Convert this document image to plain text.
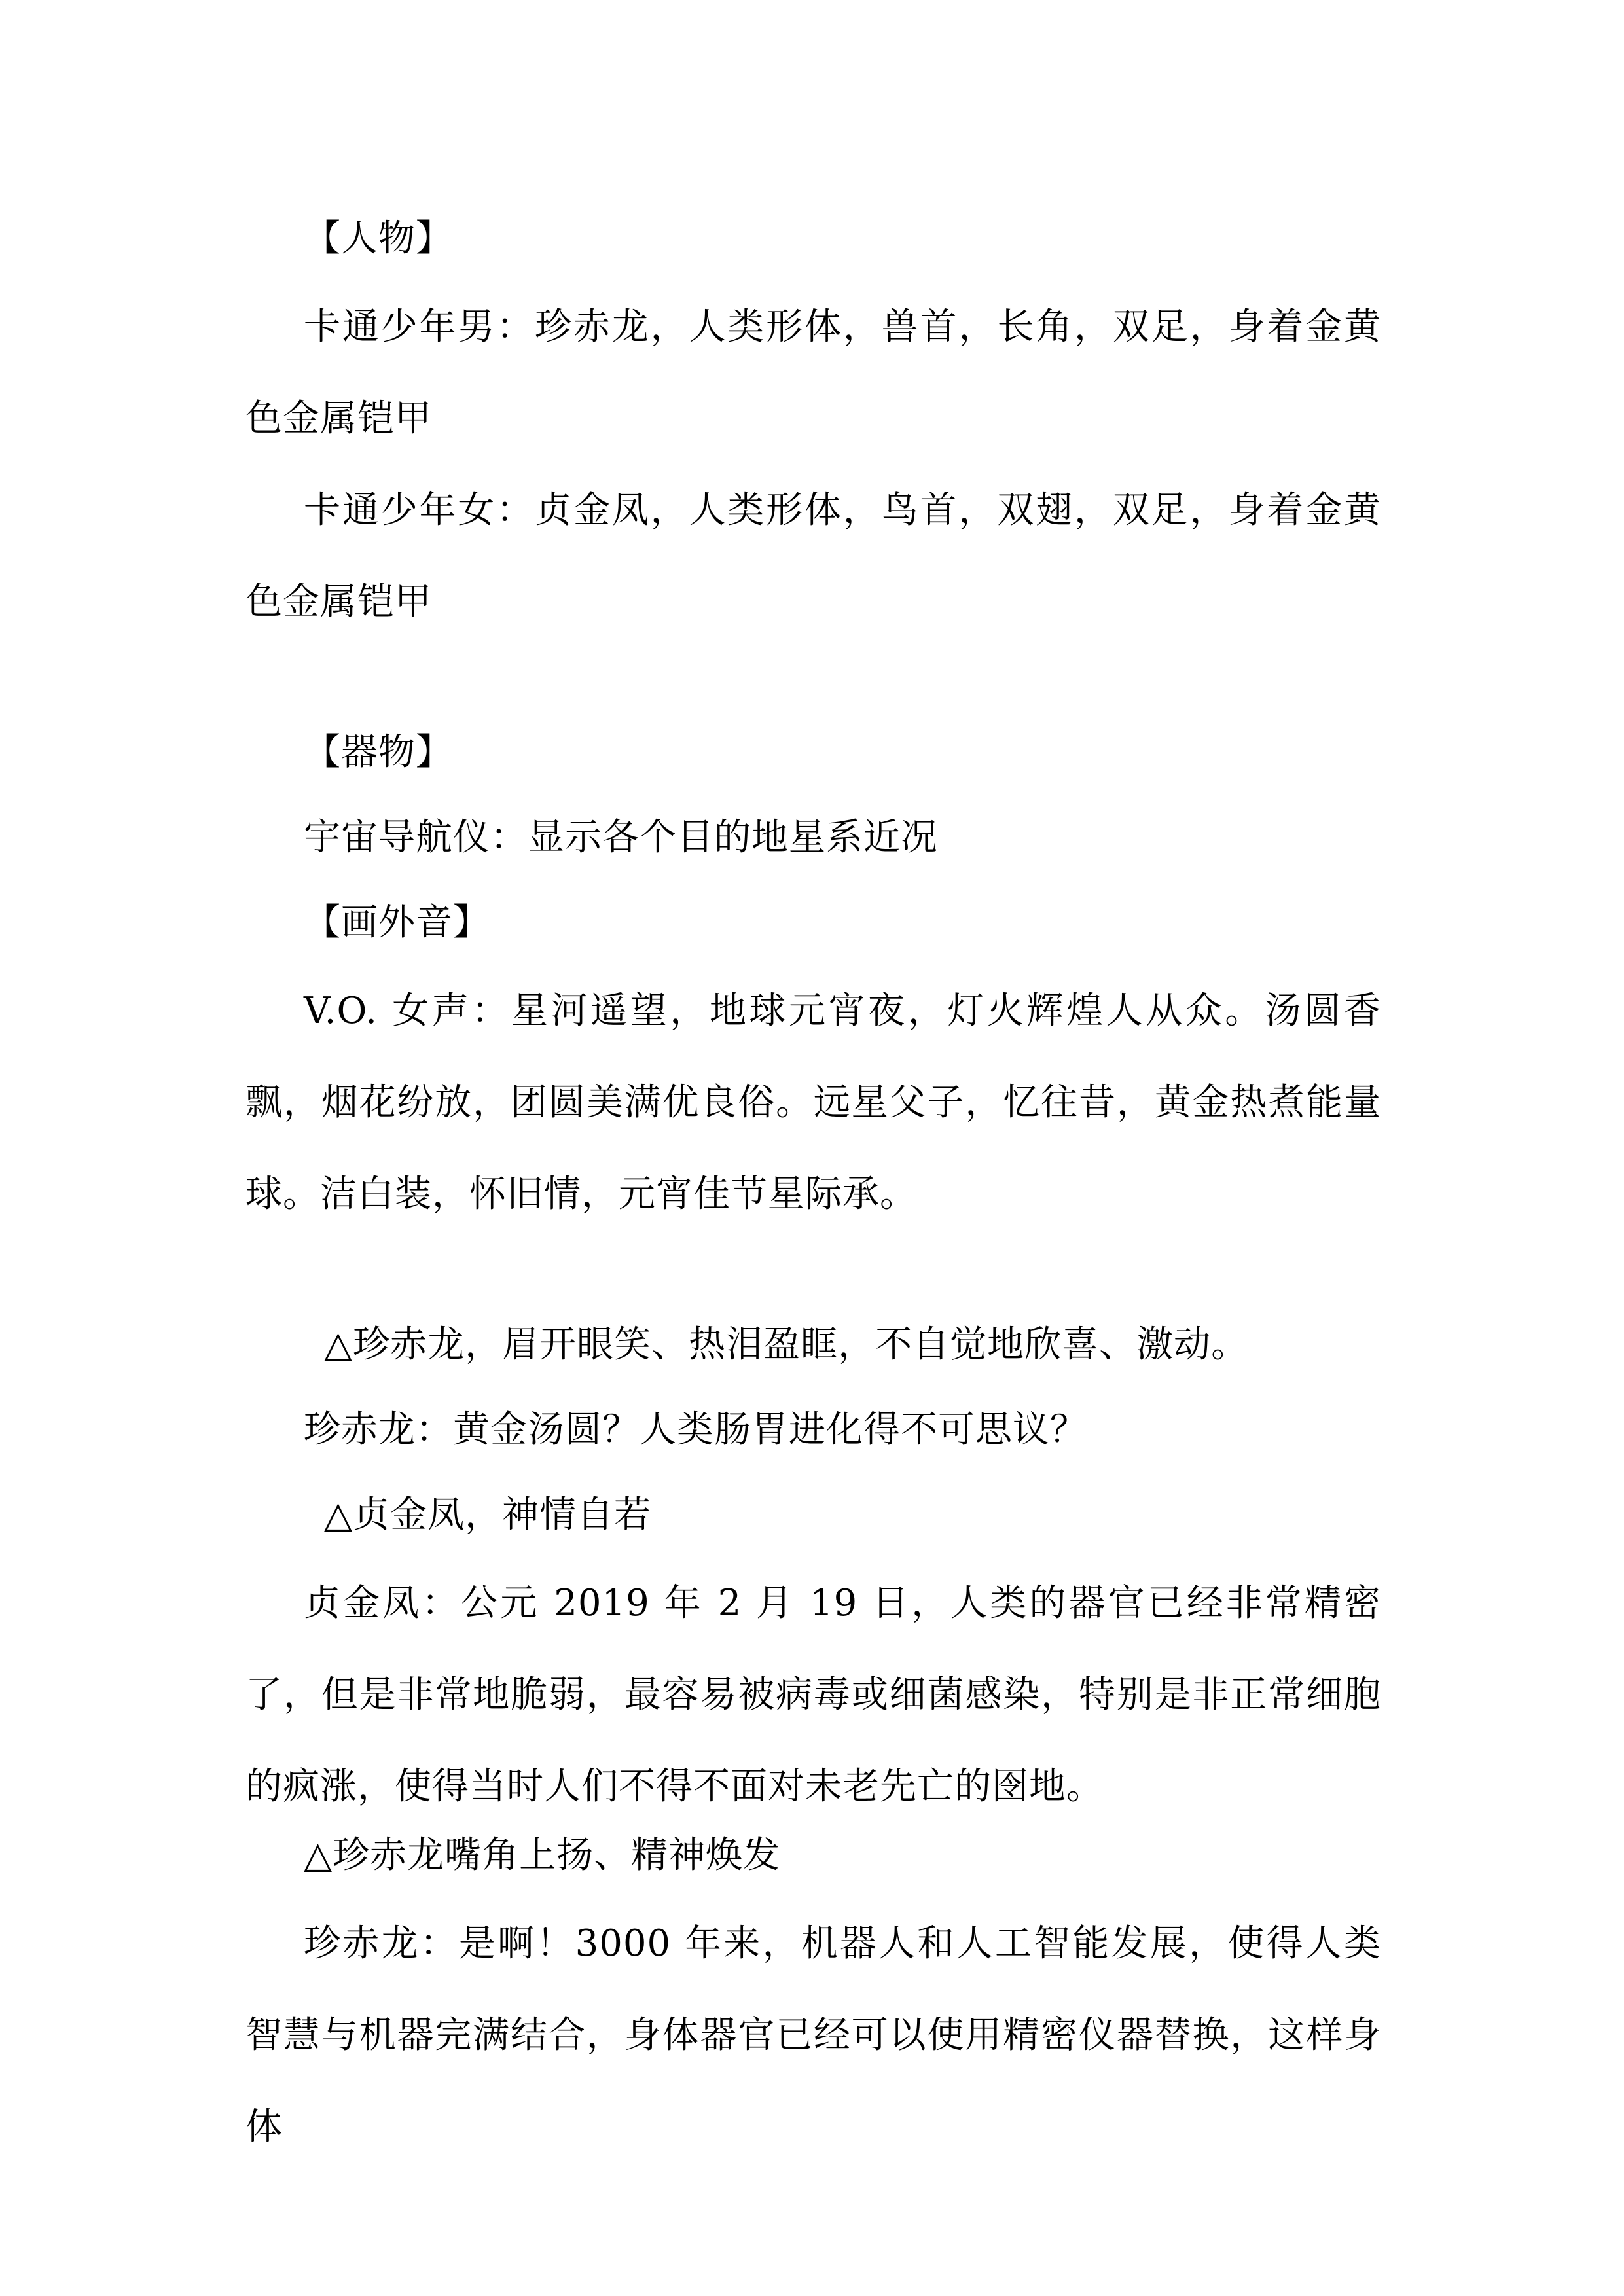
【人物】
卡通少年男：珍赤龙，人类形体，兽首，长角，双足，身着金黄色金属铠甲
卡通少年女：贞金凤，人类形体，鸟首，双翅，双足，身着金黄色金属铠甲
【器物】
宇宙导航仪：显示各个目的地星系近况
【画外音】
V.O. 女声：星河遥望，地球元宵夜，灯火辉煌人从众。汤圆香飘，烟花纷放，团圆美满优良俗。远星父子，忆往昔，黄金热煮能量球。洁白装，怀旧情，元宵佳节星际承。
△珍赤龙，眉开眼笑、热泪盈眶，不自觉地欣喜、激动。
珍赤龙：黄金汤圆？人类肠胃进化得不可思议？
△贞金凤，神情自若
贞金凤：公元 2019 年 2 月 19 日，人类的器官已经非常精密了，但是非常地脆弱，最容易被病毒或细菌感染，特别是非正常细胞的疯涨，使得当时人们不得不面对未老先亡的囹地。
△珍赤龙嘴角上扬、精神焕发
珍赤龙：是啊！3000 年来，机器人和人工智能发展，使得人类智慧与机器完满结合，身体器官已经可以使用精密仪器替换，这样身体
